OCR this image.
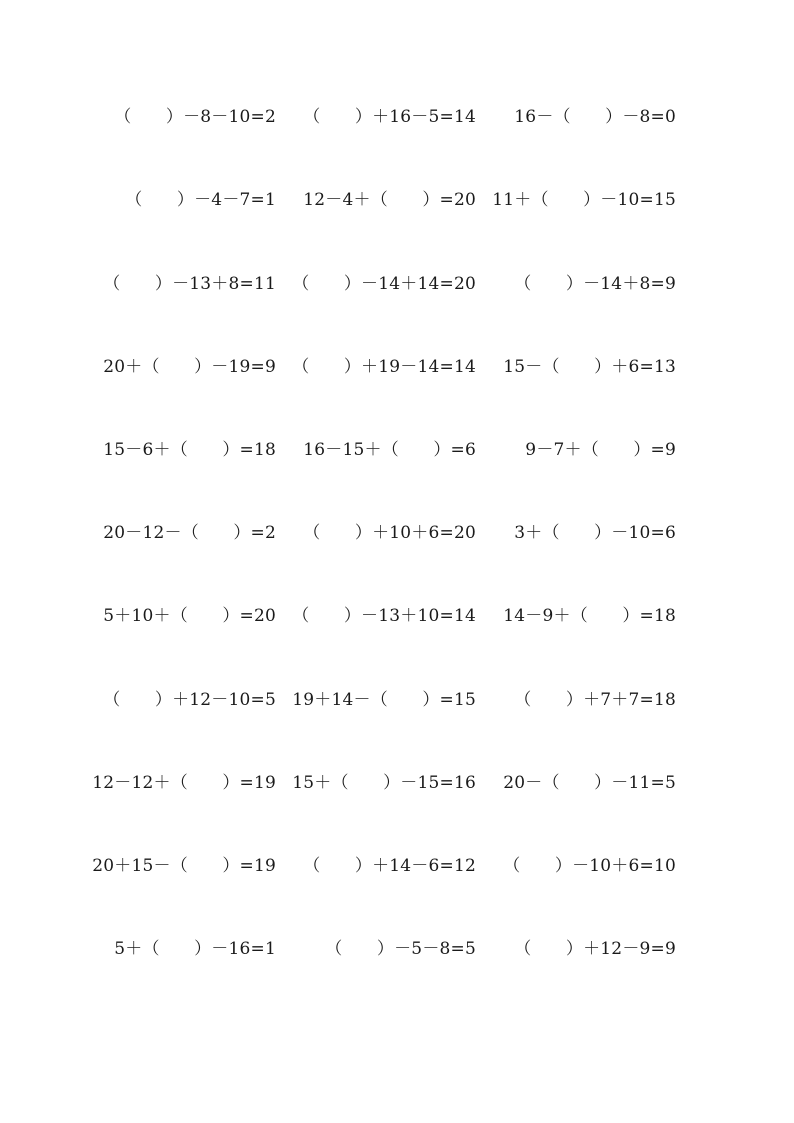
（　　）－8－10=2 （　　）＋16－5=14 16－（　　）－8=0
（　　）－4－7=1 12－4＋（　　）=20 11＋（　　）－10=15
（　　）－13＋8=11 （　　）－14＋14=20 （　　）－14＋8=9
20＋（　　）－19=9 （　　）＋19－14=14 15－（　　）＋6=13
15－6＋（　　）=18 16－15＋（　　）=6	9－7＋（　　）=9
20－12－（　　）=2 （　　）＋10＋6=20 3＋（　　）－10=6
5＋10＋（　　）=20 （　　）－13＋10=14 14－9＋（　　）=18
（　　）＋12－10=5 19＋14－（　　）=15 （　　）＋7＋7=18
12－12＋（　　）=19 15＋（　　）－15=16 20－（　　）－11=5
20＋15－（　　）=19 （　　）＋14－6=12 （　　）－10＋6=10
5＋（　　）－16=1	（　　）－5－8=5 （　　）＋12－9=9
